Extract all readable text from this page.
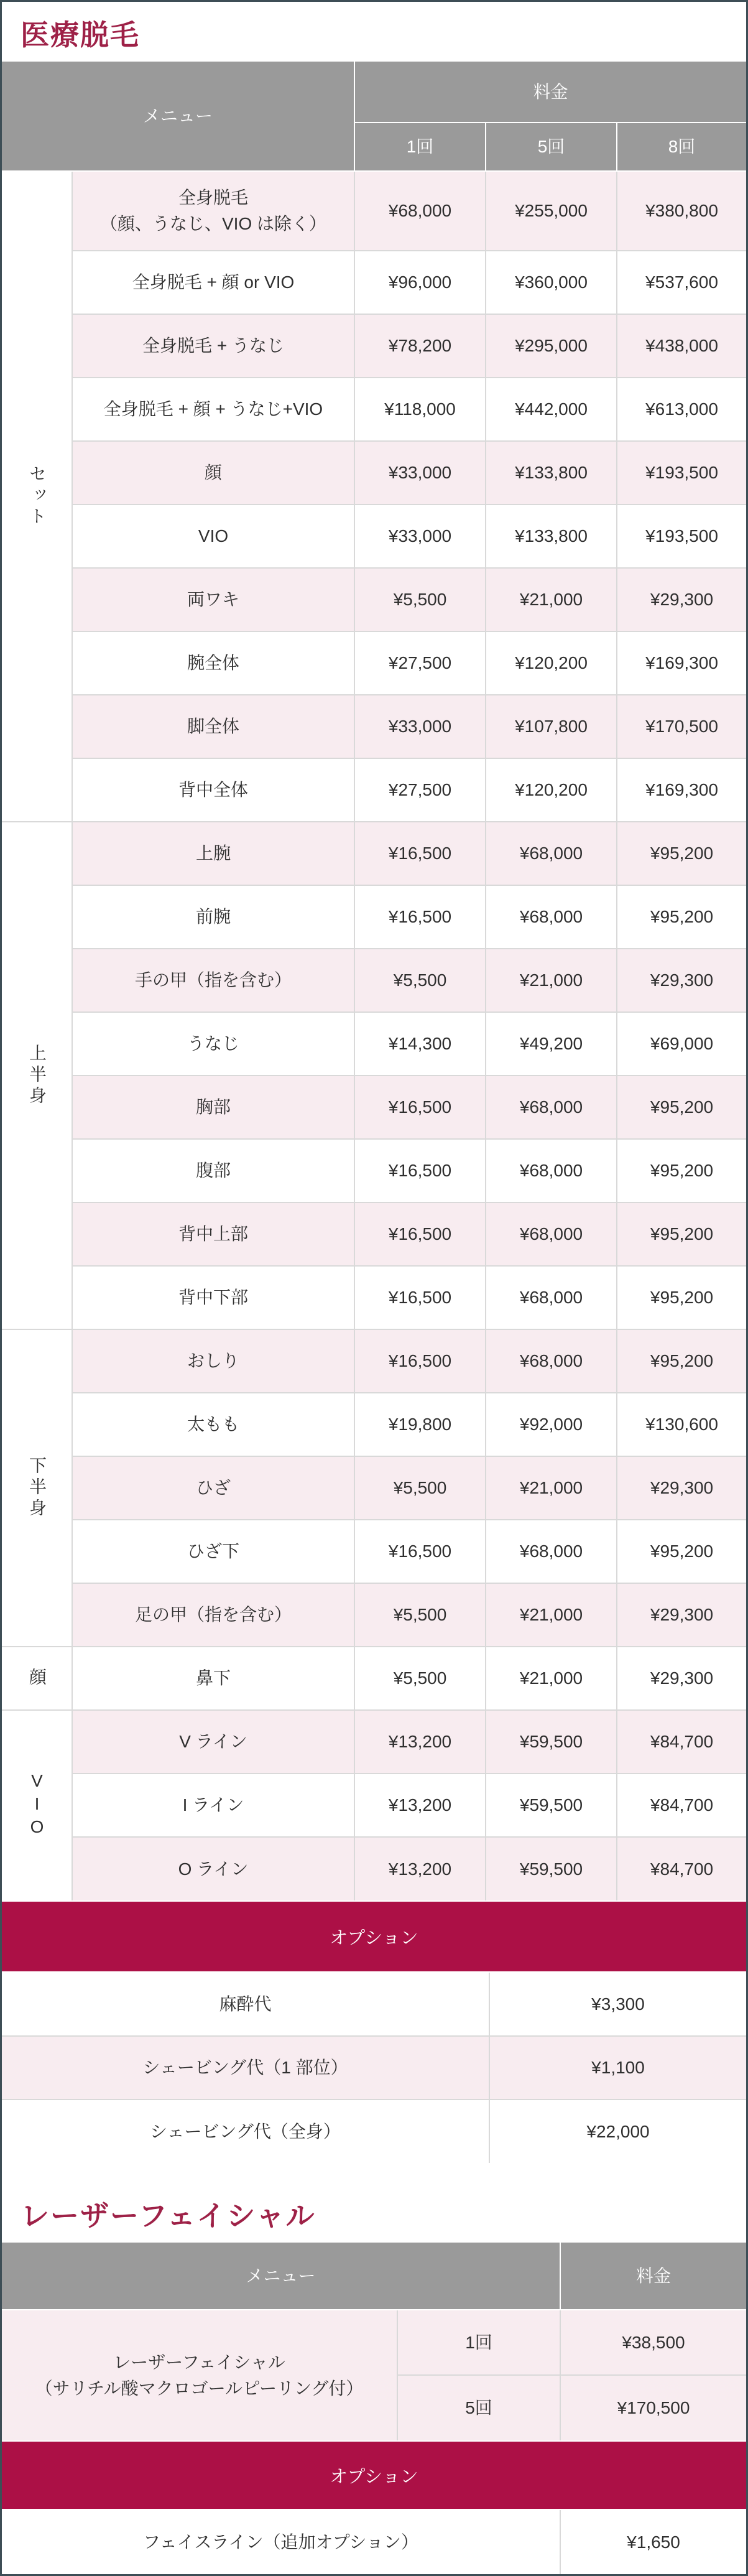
医療脱毛
メニュー		料金		
		1回	5回	8回
セット	全身脱毛
（顔、うなじ、VIO は除く）	¥68,000	¥255,000	¥380,800

	全身脱毛 + 顔 or VIO	¥96,000	¥360,000	¥537,600

	全身脱毛 + うなじ	¥78,200	¥295,000	¥438,000

	全身脱毛 + 顔 + うなじ+VIO	¥118,000	¥442,000	¥613,000

	顔	¥33,000	¥133,800	¥193,500

	VIO	¥33,000	¥133,800	¥193,500

	両ワキ	¥5,500	¥21,000	¥29,300

	腕全体	¥27,500	¥120,200	¥169,300

	脚全体	¥33,000	¥107,800	¥170,500

	背中全体	¥27,500	¥120,200	¥169,300
上半身	上腕	¥16,500	¥68,000	¥95,200

	前腕	¥16,500	¥68,000	¥95,200

	手の甲（指を含む）	¥5,500	¥21,000	¥29,300

	うなじ	¥14,300	¥49,200	¥69,000

	胸部	¥16,500	¥68,000	¥95,200

	腹部	¥16,500	¥68,000	¥95,200

	背中上部	¥16,500	¥68,000	¥95,200

	背中下部	¥16,500	¥68,000	¥95,200
下半身	おしり	¥16,500	¥68,000	¥95,200

	太もも	¥19,800	¥92,000	¥130,600

	ひざ	¥5,500	¥21,000	¥29,300

	ひざ下	¥16,500	¥68,000	¥95,200

	足の甲（指を含む）	¥5,500	¥21,000	¥29,300
顔	鼻下	¥5,500	¥21,000	¥29,300
VIO	V ライン	¥13,200	¥59,500	¥84,700

	I ライン	¥13,200	¥59,500	¥84,700

	O ライン	¥13,200	¥59,500	¥84,700
オプション
麻酔代	¥3,300
シェービング代（1 部位）	¥1,100
シェービング代（全身）	¥22,000
レーザーフェイシャル
メニュー		料金

レーザーフェイシャル
（サリチル酸マクロゴールピーリング付）	1回	¥38,500
	5回	¥170,500
オプション
フェイスライン（追加オプション）	¥1,650
